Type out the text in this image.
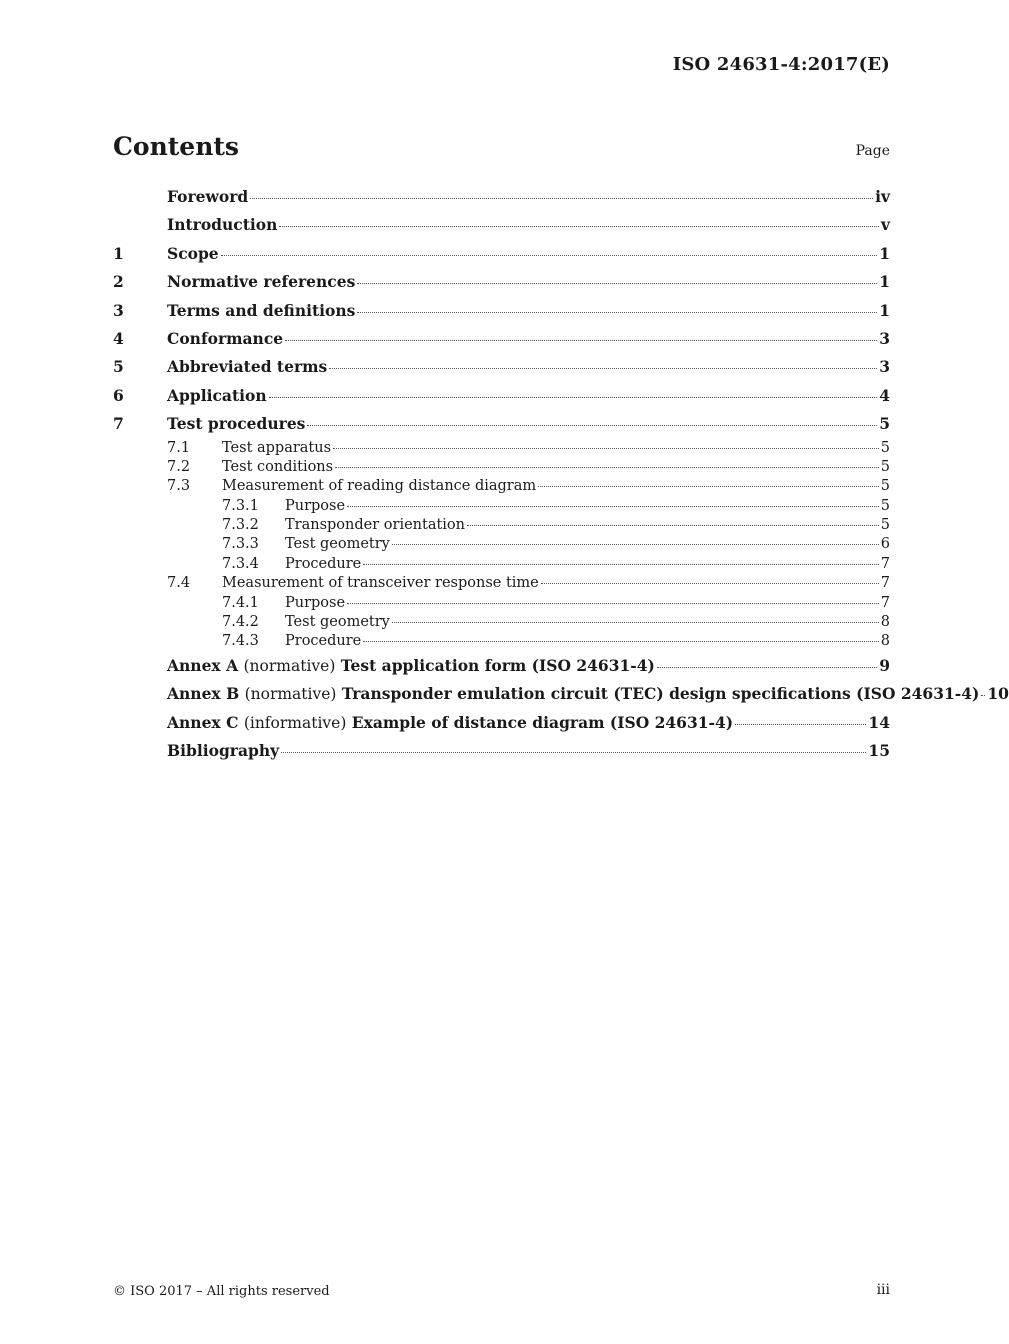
ISO 24631-4:2017(E)
Contents	Page
Foreword	iv
Introduction	v
1	Scope	1
2	Normative references	1
3	Terms and definitions	1
4	Conformance	3
5	Abbreviated terms	3
6	Application	4
7	Test procedures	5
7.1	Test apparatus	5
7.2	Test conditions	5
7.3	Measurement of reading distance diagram	5
7.3.1	Purpose	5
7.3.2	Transponder orientation	5
7.3.3	Test geometry	6
7.3.4	Procedure	7
7.4	Measurement of transceiver response time	7
7.4.1	Purpose	7
7.4.2	Test geometry	8
7.4.3	Procedure	8
Annex A (normative) Test application form (ISO 24631-4)	9
Annex B (normative) Transponder emulation circuit (TEC) design specifications (ISO 24631-4) 10
Annex C (informative) Example of distance diagram (ISO 24631-4)	14
Bibliography	15
© ISO 2017 – All rights reserved	iii
